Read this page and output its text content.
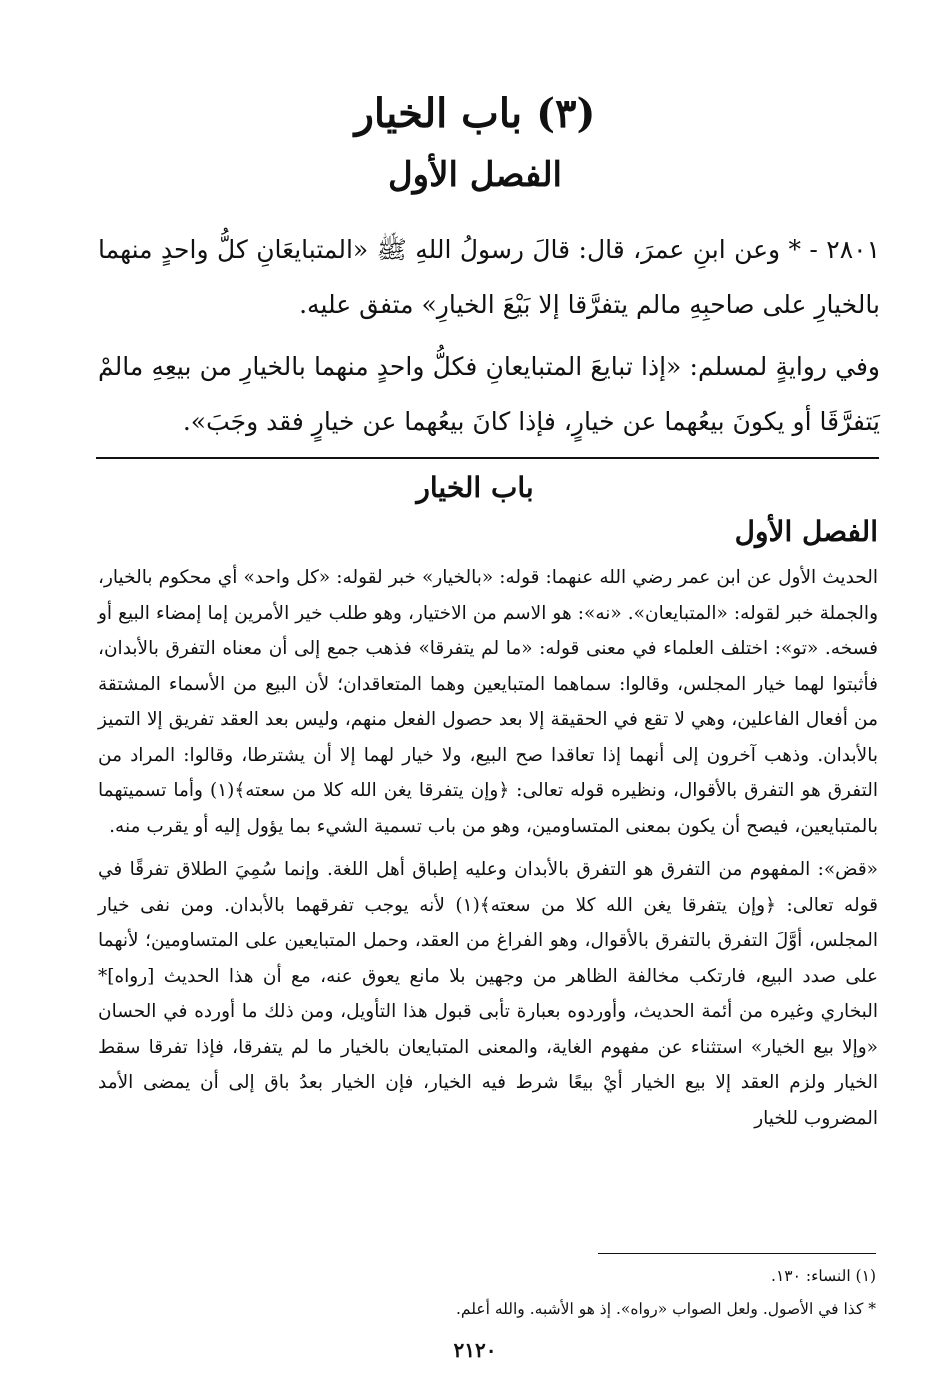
(٣) باب الخيار
الفصل الأول

٢٨٠١ - * وعن ابنِ عمرَ، قال: قالَ رسولُ اللهِ ﷺ «المتبايعَانِ كلُّ واحدٍ منهما بالخيارِ على صاحبِهِ مالم يتفرَّقا إلا بَيْعَ الخيارِ» متفق عليه.

وفي روايةٍ لمسلم: «إذا تبايعَ المتبايعانِ فكلُّ واحدٍ منهما بالخيارِ من بيعِهِ مالمْ يَتفرَّقَا أو يكونَ بيعُهما عن خيارٍ، فإذا كانَ بيعُهما عن خيارٍ فقد وجَبَ».

باب الخيار
الفصل الأول

الحديث الأول عن ابن عمر رضي الله عنهما: قوله: «بالخيار» خبر لقوله: «كل واحد» أي محكوم بالخيار، والجملة خبر لقوله: «المتبايعان». «نه»: هو الاسم من الاختيار، وهو طلب خير الأمرين إما إمضاء البيع أو فسخه. «تو»: اختلف العلماء في معنى قوله: «ما لم يتفرقا» فذهب جمع إلى أن معناه التفرق بالأبدان، فأثبتوا لهما خيار المجلس، وقالوا: سماهما المتبايعين وهما المتعاقدان؛ لأن البيع من الأسماء المشتقة من أفعال الفاعلين، وهي لا تقع في الحقيقة إلا بعد حصول الفعل منهم، وليس بعد العقد تفريق إلا التميز بالأبدان. وذهب آخرون إلى أنهما إذا تعاقدا صح البيع، ولا خيار لهما إلا أن يشترطا، وقالوا: المراد من التفرق هو التفرق بالأقوال، ونظيره قوله تعالى: ﴿وإن يتفرقا يغن الله كلا من سعته﴾(١) وأما تسميتهما بالمتبايعين، فيصح أن يكون بمعنى المتساومين، وهو من باب تسمية الشيء بما يؤول إليه أو يقرب منه.

«قض»: المفهوم من التفرق هو التفرق بالأبدان وعليه إطباق أهل اللغة. وإنما سُمِيَ الطلاق تفرقًا في قوله تعالى: ﴿وإن يتفرقا يغن الله كلا من سعته﴾(١) لأنه يوجب تفرقهما بالأبدان. ومن نفى خيار المجلس، أوَّلَ التفرق بالتفرق بالأقوال، وهو الفراغ من العقد، وحمل المتبايعين على المتساومين؛ لأنهما على صدد البيع، فارتكب مخالفة الظاهر من وجهين بلا مانع يعوق عنه، مع أن هذا الحديث [رواه]* البخاري وغيره من أئمة الحديث، وأوردوه بعبارة تأبى قبول هذا التأويل، ومن ذلك ما أورده في الحسان «وإلا بيع الخيار» استثناء عن مفهوم الغاية، والمعنى المتبايعان بالخيار ما لم يتفرقا، فإذا تفرقا سقط الخيار ولزم العقد إلا بيع الخيار أيْ بيعًا شرط فيه الخيار، فإن الخيار بعدُ باق إلى أن يمضى الأمد المضروب للخيار

(١) النساء: ١٣٠.

* كذا في الأصول. ولعل الصواب «رواه». إذ هو الأشبه. والله أعلم.

٢١٢٠
